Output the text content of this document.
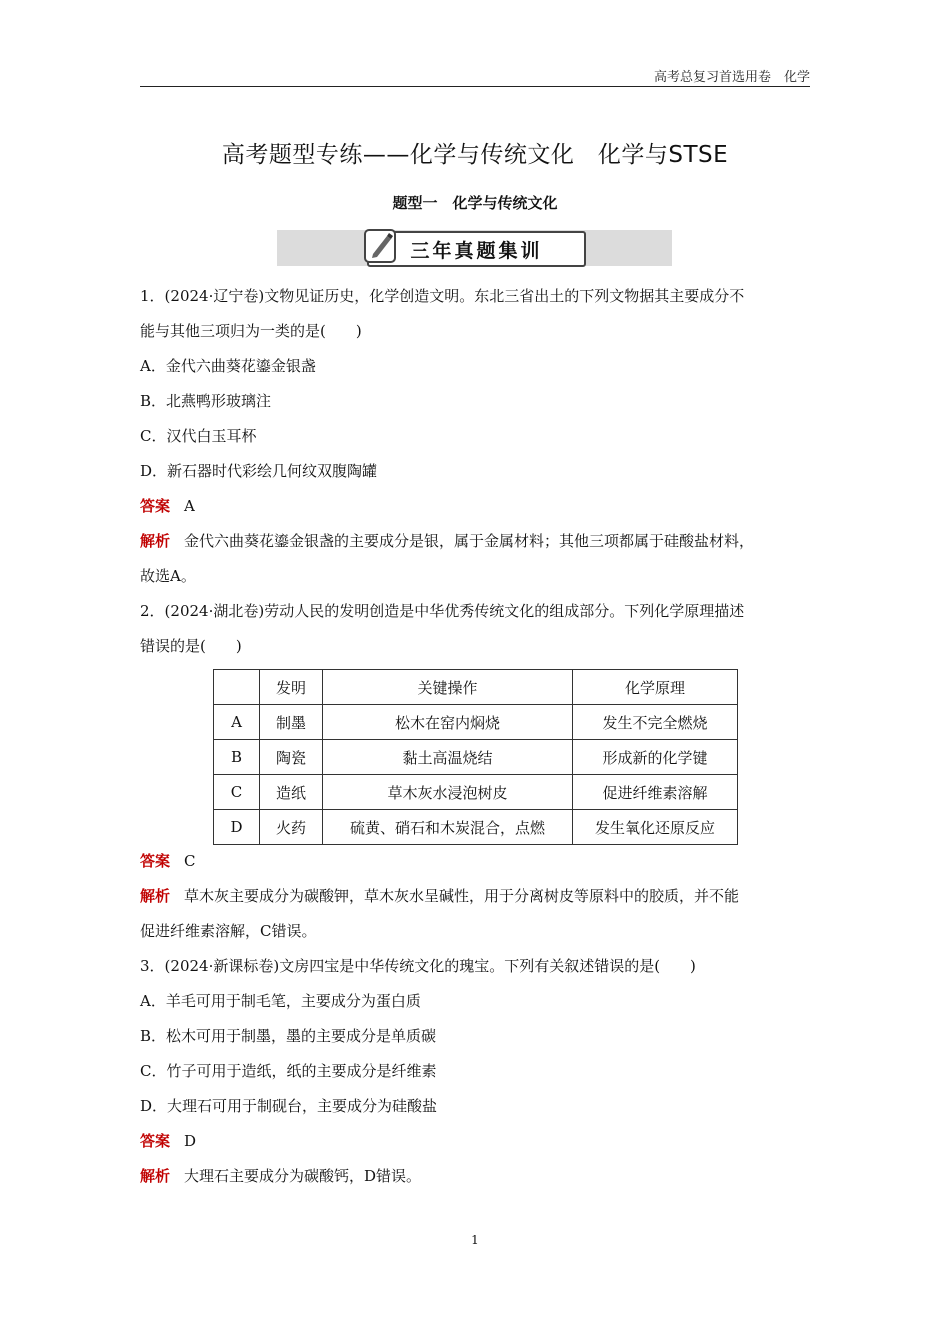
高考总复习首选用卷　化学
高考题型专练——化学与传统文化　化学与STSE
题型一　化学与传统文化
三年真题集训
1．(2024·辽宁卷)文物见证历史，化学创造文明。东北三省出土的下列文物据其主要成分不
能与其他三项归为一类的是(　　)
A．金代六曲葵花鎏金银盏
B．北燕鸭形玻璃注
C．汉代白玉耳杯
D．新石器时代彩绘几何纹双腹陶罐
答案 A
解析 金代六曲葵花鎏金银盏的主要成分是银，属于金属材料；其他三项都属于硅酸盐材料，
故选A。
2．(2024·湖北卷)劳动人民的发明创造是中华优秀传统文化的组成部分。下列化学原理描述
错误的是(　　)
	发明	关键操作	化学原理
A	制墨	松木在窑内焖烧	发生不完全燃烧
B	陶瓷	黏土高温烧结	形成新的化学键
C	造纸	草木灰水浸泡树皮	促进纤维素溶解
D	火药	硫黄、硝石和木炭混合，点燃	发生氧化还原反应
答案 C
解析 草木灰主要成分为碳酸钾，草木灰水呈碱性，用于分离树皮等原料中的胶质，并不能
促进纤维素溶解，C错误。
3．(2024·新课标卷)文房四宝是中华传统文化的瑰宝。下列有关叙述错误的是(　　)
A．羊毛可用于制毛笔，主要成分为蛋白质
B．松木可用于制墨，墨的主要成分是单质碳
C．竹子可用于造纸，纸的主要成分是纤维素
D．大理石可用于制砚台，主要成分为硅酸盐
答案 D
解析 大理石主要成分为碳酸钙，D错误。
1
